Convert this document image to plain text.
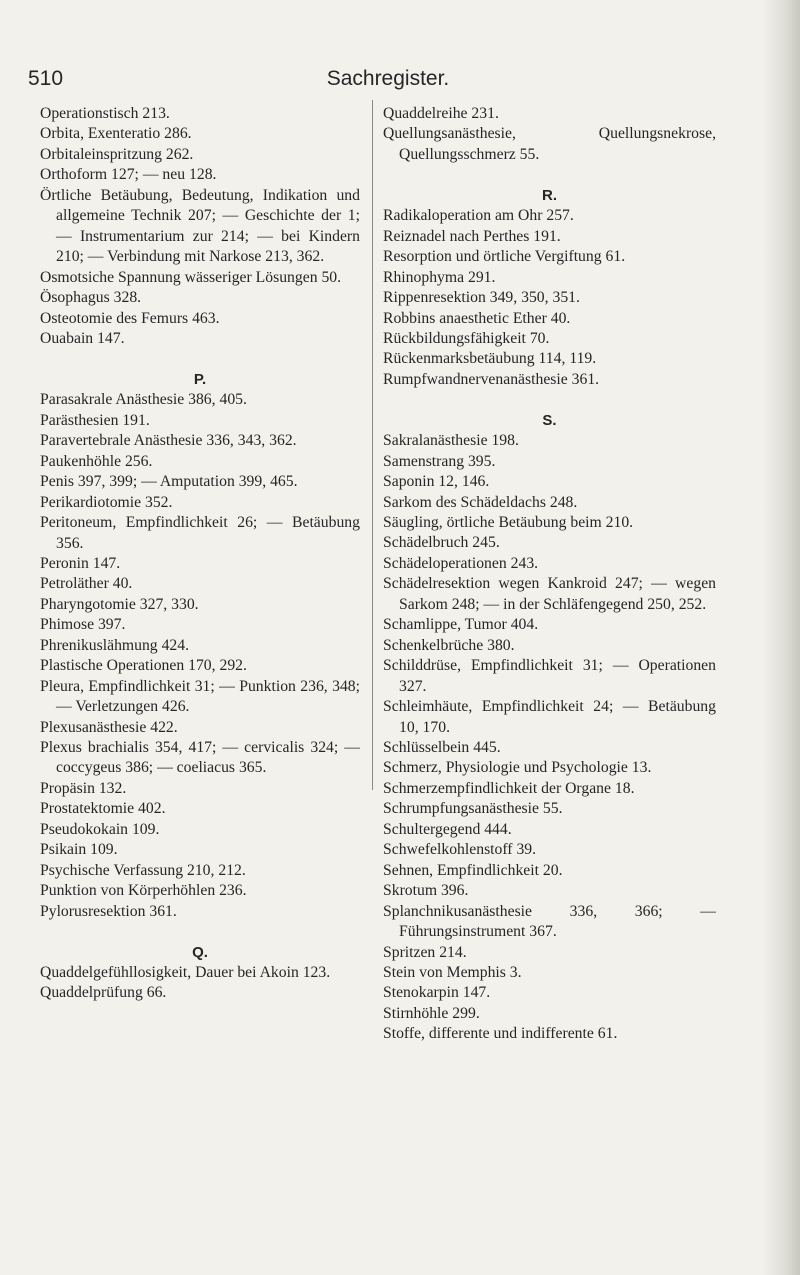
510	Sachregister.

Operationstisch 213.

Orbita, Exenteratio 286.

Orbitaleinspritzung 262.

Orthoform 127; — neu 128.

Örtliche Betäubung, Bedeutung, Indikation und allgemeine Technik 207; — Geschichte der 1; — Instrumentarium zur 214; — bei Kindern 210; — Verbindung mit Narkose 213, 362.

Osmotsiche Spannung wässeriger Lösungen 50.

Ösophagus 328.

Osteotomie des Femurs 463.

Ouabain 147.

P.

Parasakrale Anästhesie 386, 405.

Parästhesien 191.

Paravertebrale Anästhesie 336, 343, 362.

Paukenhöhle 256.

Penis 397, 399; — Amputation 399, 465.

Perikardiotomie 352.

Peritoneum, Empfindlichkeit 26; — Betäubung 356.

Peronin 147.

Petroläther 40.

Pharyngotomie 327, 330.

Phimose 397.

Phrenikuslähmung 424.

Plastische Operationen 170, 292.

Pleura, Empfindlichkeit 31; — Punktion 236, 348; — Verletzungen 426.

Plexusanästhesie 422.

Plexus brachialis 354, 417; — cervicalis 324; — coccygeus 386; — coeliacus 365.

Propäsin 132.

Prostatektomie 402.

Pseudokokain 109.

Psikain 109.

Psychische Verfassung 210, 212.

Punktion von Körperhöhlen 236.

Pylorusresektion 361.

Q.

Quaddelgefühllosigkeit, Dauer bei Akoin 123.

Quaddelprüfung 66.

Quaddelreihe 231.

Quellungsanästhesie, Quellungsnekrose, Quellungsschmerz 55.

R.

Radikaloperation am Ohr 257.

Reiznadel nach Perthes 191.

Resorption und örtliche Vergiftung 61.

Rhinophyma 291.

Rippenresektion 349, 350, 351.

Robbins anaesthetic Ether 40.

Rückbildungsfähigkeit 70.

Rückenmarksbetäubung 114, 119.

Rumpfwandnervenanästhesie 361.

S.

Sakralanästhesie 198.

Samenstrang 395.

Saponin 12, 146.

Sarkom des Schädeldachs 248.

Säugling, örtliche Betäubung beim 210.

Schädelbruch 245.

Schädeloperationen 243.

Schädelresektion wegen Kankroid 247; — wegen Sarkom 248; — in der Schläfengegend 250, 252.

Schamlippe, Tumor 404.

Schenkelbrüche 380.

Schilddrüse, Empfindlichkeit 31; — Operationen 327.

Schleimhäute, Empfindlichkeit 24; — Betäubung 10, 170.

Schlüsselbein 445.

Schmerz, Physiologie und Psychologie 13.

Schmerzempfindlichkeit der Organe 18.

Schrumpfungsanästhesie 55.

Schultergegend 444.

Schwefelkohlenstoff 39.

Sehnen, Empfindlichkeit 20.

Skrotum 396.

Splanchnikusanästhesie 336, 366; — Führungsinstrument 367.

Spritzen 214.

Stein von Memphis 3.

Stenokarpin 147.

Stirnhöhle 299.

Stoffe, differente und indifferente 61.
